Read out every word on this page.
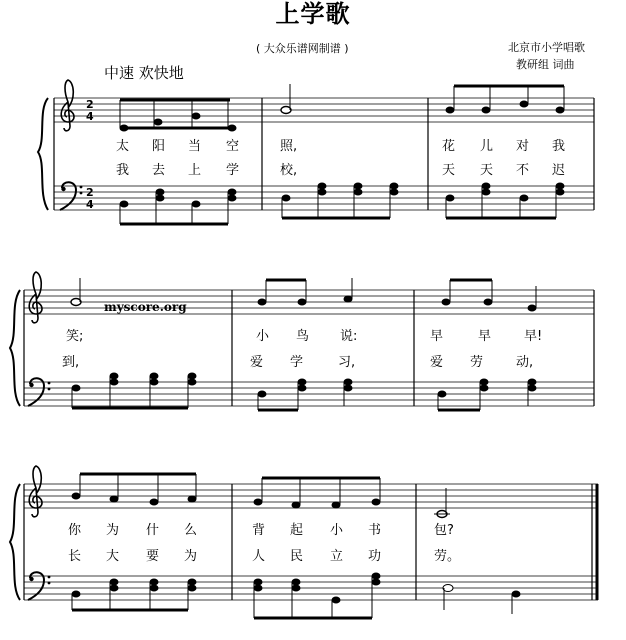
上学歌
( 大众乐谱网制谱 )	北京市小学唱歌
教研组 词曲
中速 欢快地
2
4
2
4
太 阳 当 空	照,	花 儿 对 我
我 去 上 学	校,	天 天 不 迟
myscore.org
笑;	小 鸟 说:	早	早	早!
到,	爱 学	习,	爱 劳	动,
你 为 什 么	背 起 小 书	包?
长 大 要 为	人 民 立 功	劳。
